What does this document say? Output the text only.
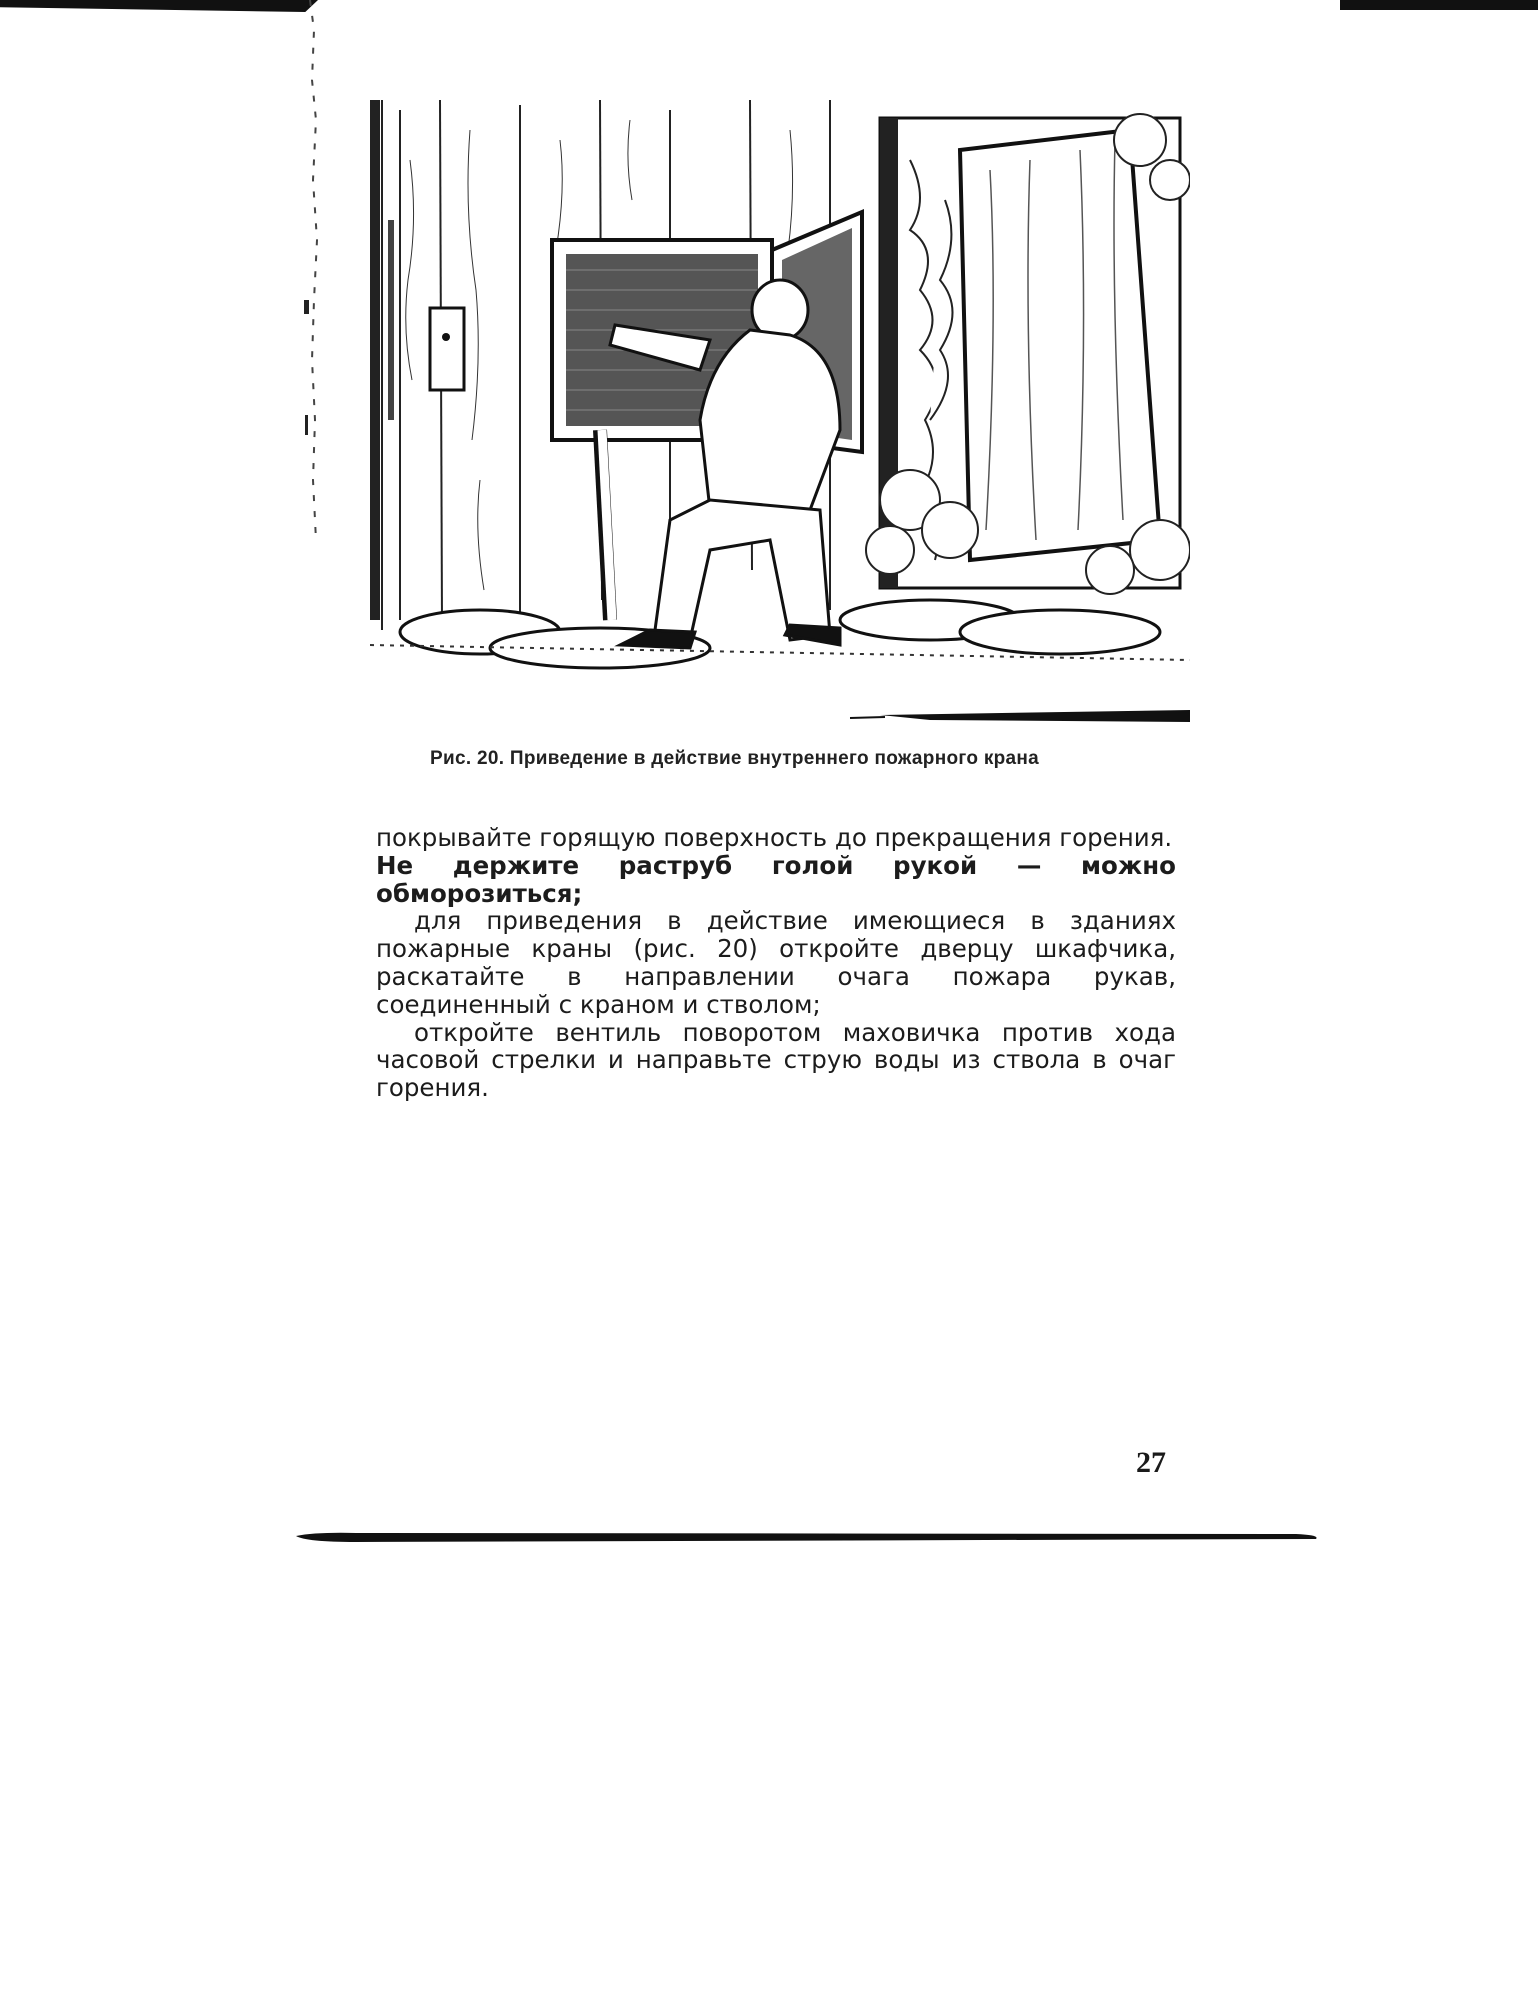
Рис. 20. Приведение в действие внутреннего пожарного крана

покрывайте горящую поверхность до прекращения горения.

Не держите раструб голой рукой — можно обморозиться;

для приведения в действие имеющиеся в зданиях пожарные краны (рис. 20) откройте дверцу шкафчика, раскатайте в направлении очага пожара рукав, соединенный с краном и стволом;

откройте вентиль поворотом маховичка против хода часовой стрелки и направьте струю воды из ствола в очаг горения.

27
